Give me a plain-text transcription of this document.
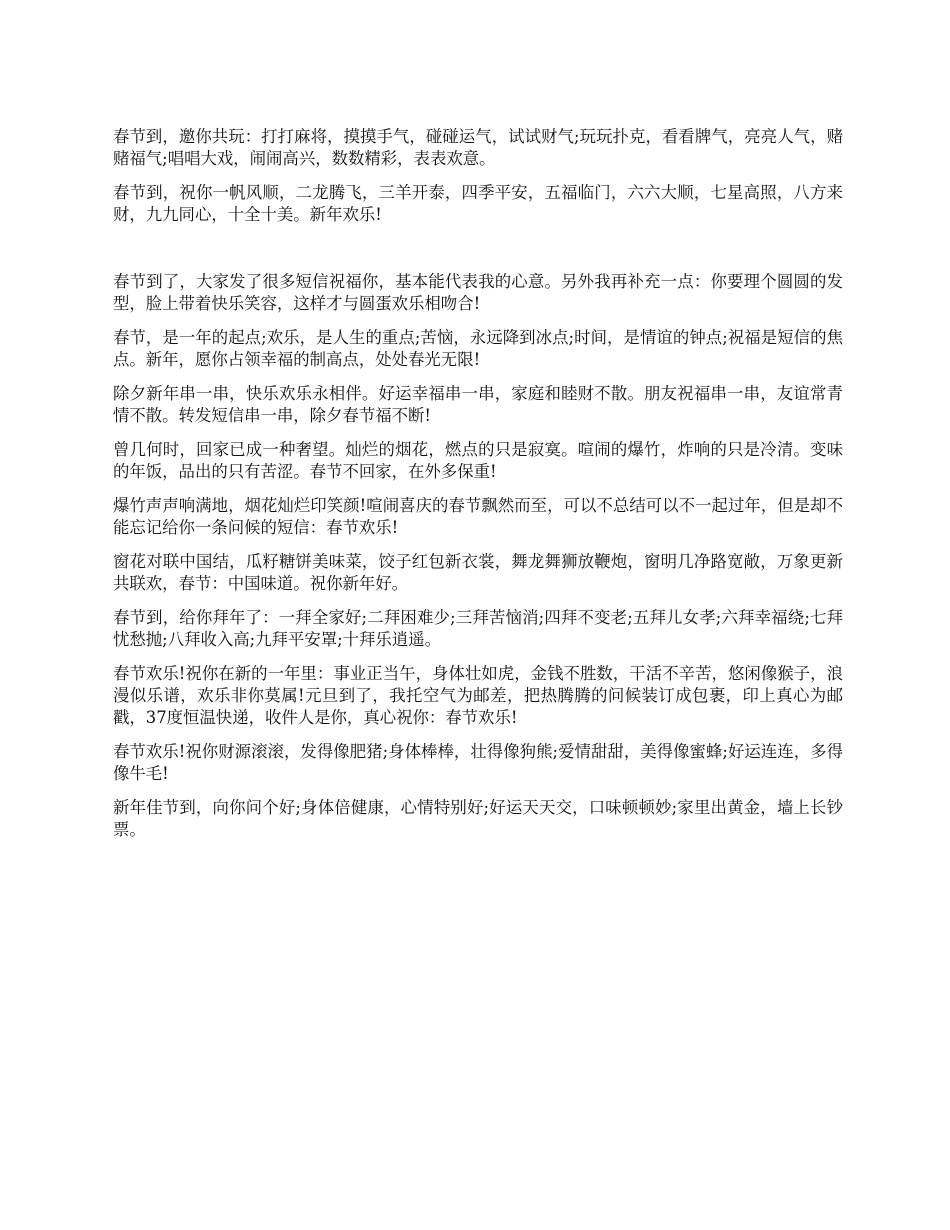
春节到，邀你共玩：打打麻将，摸摸手气，碰碰运气，试试财气;玩玩扑克，看看牌气，亮亮人气，赌赌福气;唱唱大戏，闹闹高兴，数数精彩，表表欢意。

春节到，祝你一帆风顺，二龙腾飞，三羊开泰，四季平安，五福临门，六六大顺，七星高照，八方来财，九九同心，十全十美。新年欢乐!

春节到了，大家发了很多短信祝福你，基本能代表我的心意。另外我再补充一点：你要理个圆圆的发型，脸上带着快乐笑容，这样才与圆蛋欢乐相吻合!

春节，是一年的起点;欢乐，是人生的重点;苦恼，永远降到冰点;时间，是情谊的钟点;祝福是短信的焦点。新年，愿你占领幸福的制高点，处处春光无限!

除夕新年串一串，快乐欢乐永相伴。好运幸福串一串，家庭和睦财不散。朋友祝福串一串，友谊常青情不散。转发短信串一串，除夕春节福不断!

曾几何时，回家已成一种奢望。灿烂的烟花，燃点的只是寂寞。喧闹的爆竹，炸响的只是冷清。变味的年饭，品出的只有苦涩。春节不回家，在外多保重!

爆竹声声响满地，烟花灿烂印笑颜!喧闹喜庆的春节飘然而至，可以不总结可以不一起过年，但是却不能忘记给你一条问候的短信：春节欢乐!

窗花对联中国结，瓜籽糖饼美味菜，饺子红包新衣裳，舞龙舞狮放鞭炮，窗明几净路宽敞，万象更新共联欢，春节：中国味道。祝你新年好。

春节到，给你拜年了：一拜全家好;二拜困难少;三拜苦恼消;四拜不变老;五拜儿女孝;六拜幸福绕;七拜忧愁抛;八拜收入高;九拜平安罩;十拜乐逍遥。

春节欢乐!祝你在新的一年里：事业正当午，身体壮如虎，金钱不胜数，干活不辛苦，悠闲像猴子，浪漫似乐谱，欢乐非你莫属!元旦到了，我托空气为邮差，把热腾腾的问候装订成包裹，印上真心为邮戳，37度恒温快递，收件人是你，真心祝你：春节欢乐!

春节欢乐!祝你财源滚滚，发得像肥猪;身体棒棒，壮得像狗熊;爱情甜甜，美得像蜜蜂;好运连连，多得像牛毛!

新年佳节到，向你问个好;身体倍健康，心情特别好;好运天天交，口味顿顿妙;家里出黄金，墙上长钞票。
